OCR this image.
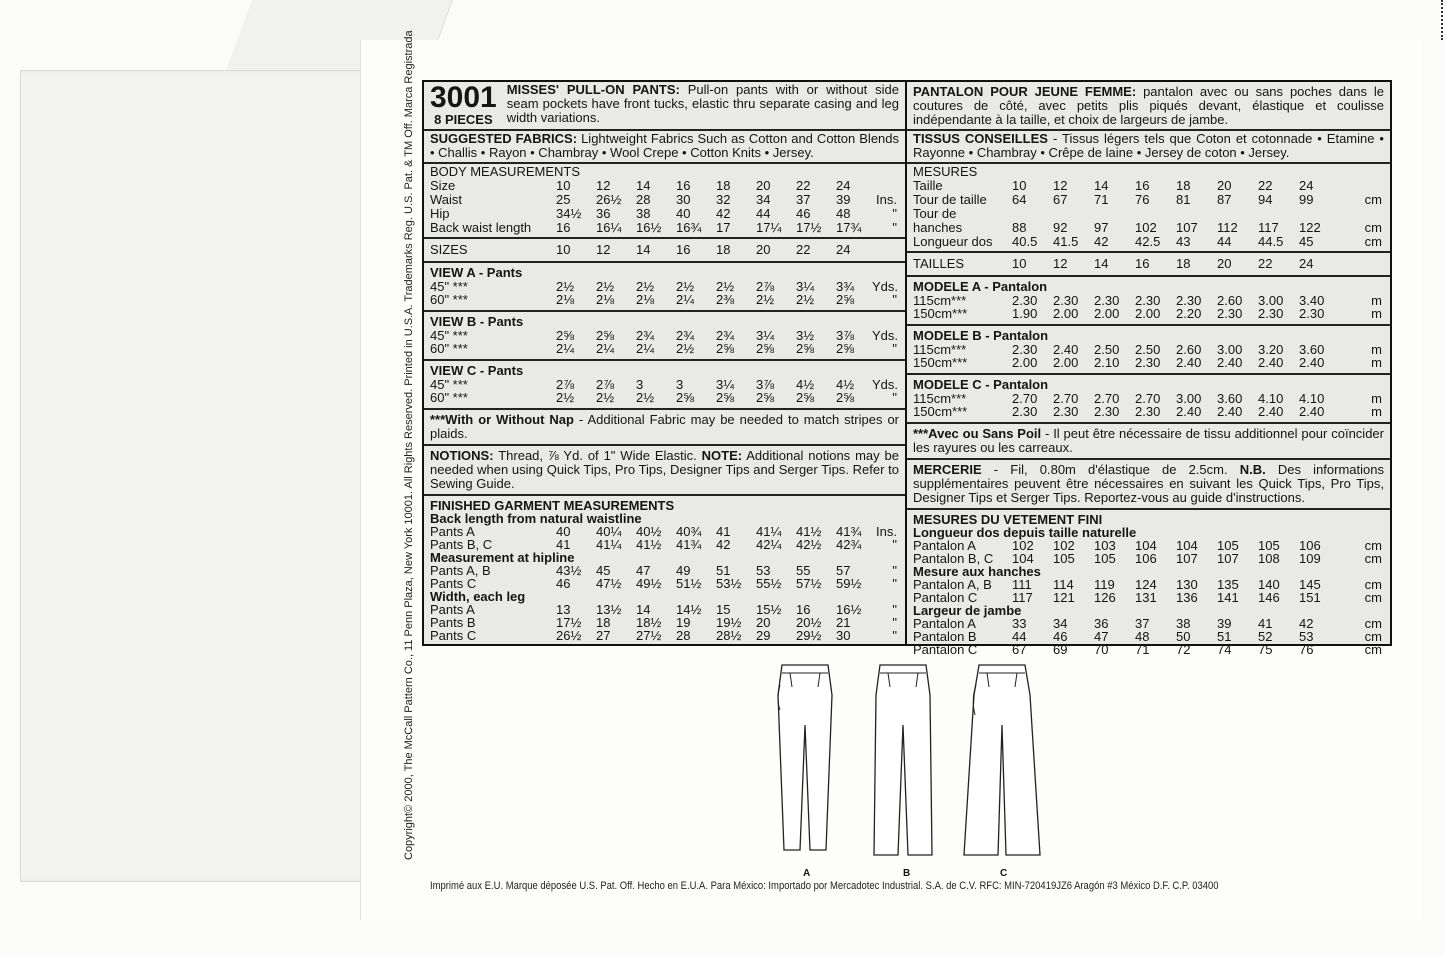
Copyright© 2000, The McCall Pattern Co., 11 Penn Plaza, New York 10001. All Rights Reserved. Printed in U.S.A. Trademarks Reg. U.S. Pat. & TM Off. Marca Registrada 3001
8 PIECES
MISSES' PULL-ON PANTS: Pull-on pants with or without side seam pockets have front tucks, elastic thru separate casing and leg width variations.
SUGGESTED FABRICS: Lightweight Fabrics Such as Cotton and Cotton Blends • Challis • Rayon • Chambray • Wool Crepe • Cotton Knits • Jersey.
BODY MEASUREMENTS
Size	10	12	14	16	18	20	22	24
Waist	25	26½	28	30	32	34	37	39	Ins.
Hip	34½	36	38	40	42	44	46	48	"
Back waist length	16	16¼	16½	16¾	17	17¼	17½	17¾	"
SIZES	10	12	14	16	18	20	22	24
VIEW A - Pants
45" ***	2½	2½	2½	2½	2½	2⅞	3¼	3¾	Yds.
60" ***	2⅛	2⅛	2⅛	2¼	2⅜	2½	2½	2⅝	"
VIEW B - Pants
45" ***	2⅝	2⅝	2¾	2¾	2¾	3¼	3½	3⅞	Yds.
60" ***	2¼	2¼	2¼	2½	2⅝	2⅝	2⅝	2⅝	"
VIEW C - Pants
45" ***	2⅞	2⅞	3	3	3¼	3⅞	4½	4½	Yds.
60" ***	2½	2½	2½	2⅝	2⅝	2⅝	2⅝	2⅝	"
***With or Without Nap - Additional Fabric may be needed to match stripes or plaids.
NOTIONS: Thread, ⅞ Yd. of 1" Wide Elastic. NOTE: Additional notions may be needed when using Quick Tips, Pro Tips, Designer Tips and Serger Tips. Refer to Sewing Guide.
FINISHED GARMENT MEASUREMENTS
Back length from natural waistline
Pants A	40	40¼	40½	40¾	41	41¼	41½	41¾	Ins.
Pants B, C	41	41¼	41½	41¾	42	42¼	42½	42¾	"
Measurement at hipline
Pants A, B	43½	45	47	49	51	53	55	57	"
Pants C	46	47½	49½	51½	53½	55½	57½	59½	"
Width, each leg
Pants A	13	13½	14	14½	15	15½	16	16½	"
Pants B	17½	18	18½	19	19½	20	20½	21	"
Pants C	26½	27	27½	28	28½	29	29½	30	"
PANTALON POUR JEUNE FEMME: pantalon avec ou sans poches dans le coutures de côté, avec petits plis piqués devant, élastique et coulisse indépendante à la taille, et choix de largeurs de jambe.
TISSUS CONSEILLES - Tissus légers tels que Coton et cotonnade • Etamine • Rayonne • Chambray • Crêpe de laine • Jersey de coton • Jersey.
MESURES
Taille	10	12	14	16	18	20	22	24
Tour de taille	64	67	71	76	81	87	94	99	cm
Tour de hanches	88	92	97	102	107	112	117	122	cm
Longueur dos	40.5	41.5	42	42.5	43	44	44.5	45	cm
TAILLES	10	12	14	16	18	20	22	24
MODELE A - Pantalon
115cm***	2.30	2.30	2.30	2.30	2.30	2.60	3.00	3.40	m
150cm***	1.90	2.00	2.00	2.00	2.20	2.30	2.30	2.30	m
MODELE B - Pantalon
115cm***	2.30	2.40	2.50	2.50	2.60	3.00	3.20	3.60	m
150cm***	2.00	2.00	2.10	2.30	2.40	2.40	2.40	2.40	m
MODELE C - Pantalon
115cm***	2.70	2.70	2.70	2.70	3.00	3.60	4.10	4.10	m
150cm***	2.30	2.30	2.30	2.30	2.40	2.40	2.40	2.40	m
***Avec ou Sans Poil - Il peut être nécessaire de tissu additionnel pour coïncider les rayures ou les carreaux.
MERCERIE - Fil, 0.80m d'élastique de 2.5cm. N.B. Des informations supplémentaires peuvent être nécessaires en suivant les Quick Tips, Pro Tips, Designer Tips et Serger Tips. Reportez-vous au guide d'instructions.
MESURES DU VETEMENT FINI
Longueur dos depuis taille naturelle
Pantalon A	102	102	103	104	104	105	105	106	cm
Pantalon B, C	104	105	105	106	107	107	108	109	cm
Mesure aux hanches
Pantalon A, B	111	114	119	124	130	135	140	145	cm
Pantalon C	117	121	126	131	136	141	146	151	cm
Largeur de jambe
Pantalon A	33	34	36	37	38	39	41	42	cm
Pantalon B	44	46	47	48	50	51	52	53	cm
Pantalon C	67	69	70	71	72	74	75	76	cm
A	B	C
Imprimé aux E.U. Marque déposée U.S. Pat. Off. Hecho en E.U.A. Para México: Importado por Mercadotec Industrial. S.A. de C.V. RFC: MIN-720419JZ6 Aragón #3 México D.F. C.P. 03400
